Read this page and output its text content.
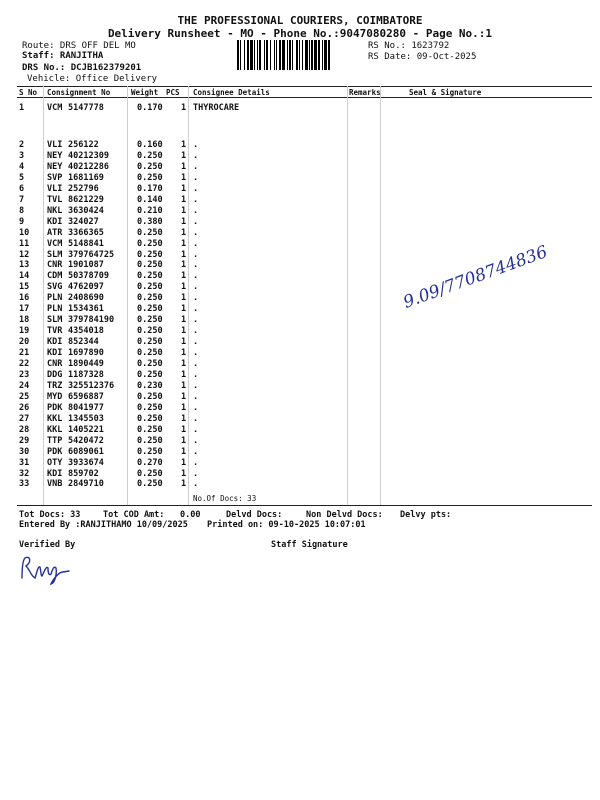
THE PROFESSIONAL COURIERS, COIMBATORE
Delivery Runsheet - MO - Phone No.:9047080280 - Page No.:1
Route: DRS OFF DEL MO
Staff: RANJITHA
DRS No.: DCJB162379201
Vehicle: Office Delivery
RS No.: 1623792
RS Date: 09-Oct-2025
S No Consignment No	Weight PCS Consignee Details	Remarks	Seal & Signature
1	VCM 5147778	0.170 1 THYROCARE
2	VLI 256122	0.160 1 .
3	NEY 40212309	0.250 1 .
4	NEY 40212286	0.250 1 .
5	SVP 1681169	0.250 1 .
6	VLI 252796	0.170 1 .
7	TVL 8621229	0.140 1 .
8	NKL 3630424	0.210 1 .
9	KDI 324027	0.380 1 .
10 ATR 3366365	0.250 1 .
11 VCM 5148841	0.250 1 .
12 SLM 379764725	0.250 1 .
13 CNR 1901087	0.250 1 .
14 CDM 50378709	0.250 1 .
15 SVG 4762097	0.250 1 .
16 PLN 2408690	0.250 1 .
17 PLN 1534361	0.250 1 .
18 SLM 379784190	0.250 1 .
19 TVR 4354018	0.250 1 .
20 KDI 852344	0.250 1 .
21 KDI 1697890	0.250 1 .
22 CNR 1890449	0.250 1 .
23 DDG 1187328	0.250 1 .
24 TRZ 325512376	0.230 1 .
25 MYD 6596887	0.250 1 .
26 PDK 8041977	0.250 1 .
27 KKL 1345503	0.250 1 .
28 KKL 1405221	0.250 1 .
29 TTP 5420472	0.250 1 .
30 PDK 6089061	0.250 1 .
31 OTY 3933674	0.270 1 .
32 KDI 859702	0.250 1 .
33 VNB 2849710	0.250 1 .
No.Of Docs: 33
Tot Docs: 33	Tot COD Amt: 0.00	Delvd Docs:	Non Delvd Docs: Delvy pts:
Entered By :RANJITHAMO 10/09/2025 Printed on: 09-10-2025 10:07:01
Verified By	Staff Signature
9.09/7708744836
